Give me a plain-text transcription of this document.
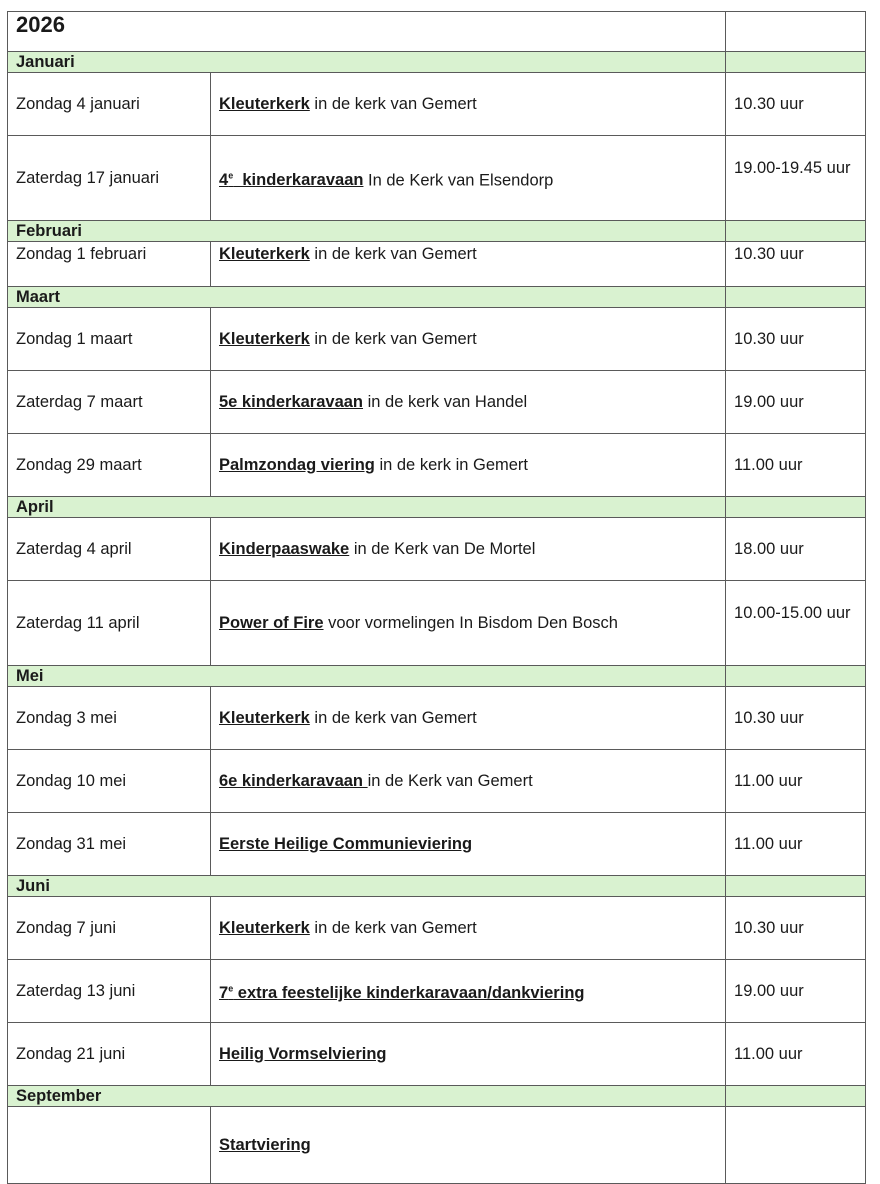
2026		
Januari		
Zondag 4 januari	Kleuterkerk in de kerk van Gemert	10.30 uur
Zaterdag 17 januari	4e  kinderkaravaan In de Kerk van Elsendorp	19.00-19.45 uur
Februari		
Zondag 1 februari	Kleuterkerk in de kerk van Gemert	10.30 uur
Maart		
Zondag 1 maart	Kleuterkerk in de kerk van Gemert	10.30 uur
Zaterdag 7 maart	5e kinderkaravaan in de kerk van Handel	19.00 uur
Zondag 29 maart	Palmzondag viering in de kerk in Gemert	11.00 uur
April		
Zaterdag 4 april	Kinderpaaswake in de Kerk van De Mortel	18.00 uur
Zaterdag 11 april	Power of Fire voor vormelingen In Bisdom Den Bosch	10.00-15.00 uur
Mei		
Zondag 3 mei	Kleuterkerk in de kerk van Gemert	10.30 uur
Zondag 10 mei	6e kinderkaravaan in de Kerk van Gemert	11.00 uur
Zondag 31 mei	Eerste Heilige Communieviering	11.00 uur
Juni		
Zondag 7 juni	Kleuterkerk in de kerk van Gemert	10.30 uur
Zaterdag 13 juni	7e extra feestelijke kinderkaravaan/dankviering	19.00 uur
Zondag 21 juni	Heilig Vormselviering	11.00 uur
September		
	Startviering	
